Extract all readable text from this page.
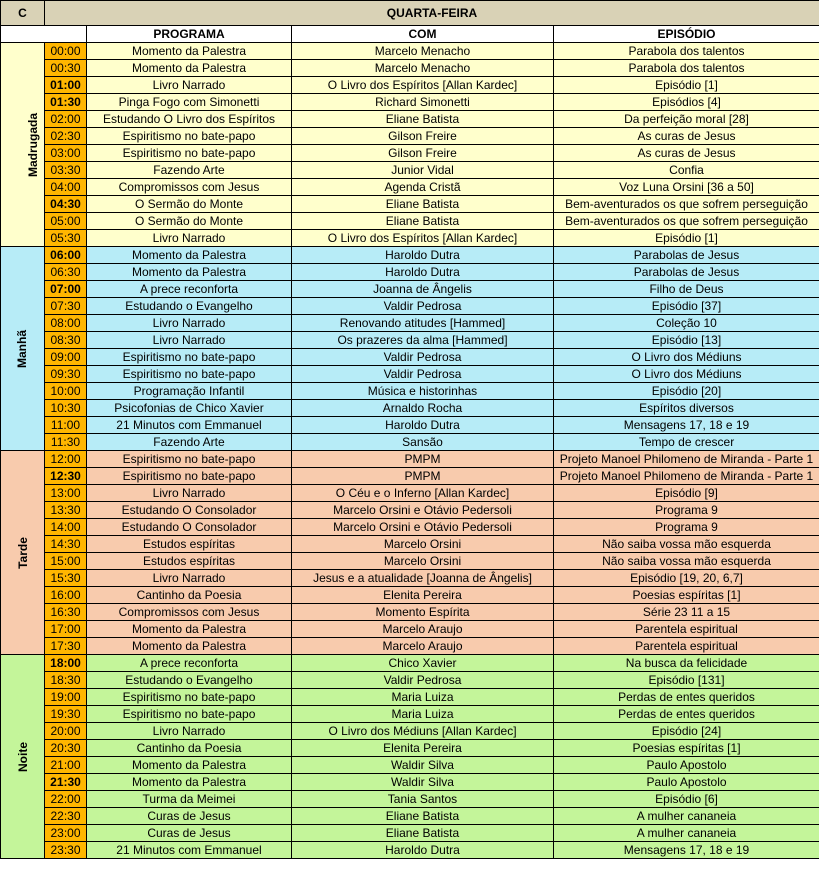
C	QUARTA-FEIRA			
		PROGRAMA	COM	EPISÓDIO
Madrugada	00:00	Momento da Palestra	Marcelo Menacho	Parabola dos talentos
	00:30	Momento da Palestra	Marcelo Menacho	Parabola dos talentos
	01:00	Livro Narrado	O Livro dos Espíritos [Allan Kardec]	Episódio [1]
	01:30	Pinga Fogo com Simonetti	Richard Simonetti	Episódios [4]
	02:00	Estudando O Livro dos Espíritos	Eliane Batista	Da perfeição moral [28]
	02:30	Espiritismo no bate-papo	Gilson Freire	As curas de Jesus
	03:00	Espiritismo no bate-papo	Gilson Freire	As curas de Jesus
	03:30	Fazendo Arte	Junior Vidal	Confia
	04:00	Compromissos com Jesus	Agenda Cristã	Voz Luna Orsini [36 a 50]
	04:30	O Sermão do Monte	Eliane Batista	Bem-aventurados os que sofrem perseguição
	05:00	O Sermão do Monte	Eliane Batista	Bem-aventurados os que sofrem perseguição
	05:30	Livro Narrado	O Livro dos Espíritos [Allan Kardec]	Episódio [1]
Manhã	06:00	Momento da Palestra	Haroldo Dutra	Parabolas de Jesus
	06:30	Momento da Palestra	Haroldo Dutra	Parabolas de Jesus
	07:00	A prece reconforta	Joanna de Ângelis	Filho de Deus
	07:30	Estudando o Evangelho	Valdir Pedrosa	Episódio [37]
	08:00	Livro Narrado	Renovando atitudes [Hammed]	Coleção 10
	08:30	Livro Narrado	Os prazeres da alma [Hammed]	Episódio [13]
	09:00	Espiritismo no bate-papo	Valdir Pedrosa	O Livro dos Médiuns
	09:30	Espiritismo no bate-papo	Valdir Pedrosa	O Livro dos Médiuns
	10:00	Programação Infantil	Música e historinhas	Episódio [20]
	10:30	Psicofonias de Chico Xavier	Arnaldo Rocha	Espíritos diversos
	11:00	21 Minutos com Emmanuel	Haroldo Dutra	Mensagens 17, 18 e 19
	11:30	Fazendo Arte	Sansão	Tempo de crescer
Tarde	12:00	Espiritismo no bate-papo	PMPM	Projeto Manoel Philomeno de Miranda - Parte 1
	12:30	Espiritismo no bate-papo	PMPM	Projeto Manoel Philomeno de Miranda - Parte 1
	13:00	Livro Narrado	O Céu e o Inferno [Allan Kardec]	Episódio [9]
	13:30	Estudando O Consolador	Marcelo Orsini e Otávio Pedersoli	Programa 9
	14:00	Estudando O Consolador	Marcelo Orsini e Otávio Pedersoli	Programa 9
	14:30	Estudos espíritas	Marcelo Orsini	Não saiba vossa mão esquerda
	15:00	Estudos espíritas	Marcelo Orsini	Não saiba vossa mão esquerda
	15:30	Livro Narrado	Jesus e a atualidade [Joanna de Ângelis]	Episódio [19, 20, 6,7]
	16:00	Cantinho da Poesia	Elenita Pereira	Poesias espíritas [1]
	16:30	Compromissos com Jesus	Momento Espírita	Série 23 11 a 15
	17:00	Momento da Palestra	Marcelo Araujo	Parentela espiritual
	17:30	Momento da Palestra	Marcelo Araujo	Parentela espiritual
Noite	18:00	A prece reconforta	Chico Xavier	Na busca da felicidade
	18:30	Estudando o Evangelho	Valdir Pedrosa	Episódio [131]
	19:00	Espiritismo no bate-papo	Maria Luiza	Perdas de entes queridos
	19:30	Espiritismo no bate-papo	Maria Luiza	Perdas de entes queridos
	20:00	Livro Narrado	O Livro dos Médiuns [Allan Kardec]	Episódio [24]
	20:30	Cantinho da Poesia	Elenita Pereira	Poesias espíritas [1]
	21:00	Momento da Palestra	Waldir Silva	Paulo Apostolo
	21:30	Momento da Palestra	Waldir Silva	Paulo Apostolo
	22:00	Turma da Meimei	Tania Santos	Episódio [6]
	22:30	Curas de Jesus	Eliane Batista	A mulher cananeia
	23:00	Curas de Jesus	Eliane Batista	A mulher cananeia
	23:30	21 Minutos com Emmanuel	Haroldo Dutra	Mensagens 17, 18 e 19
